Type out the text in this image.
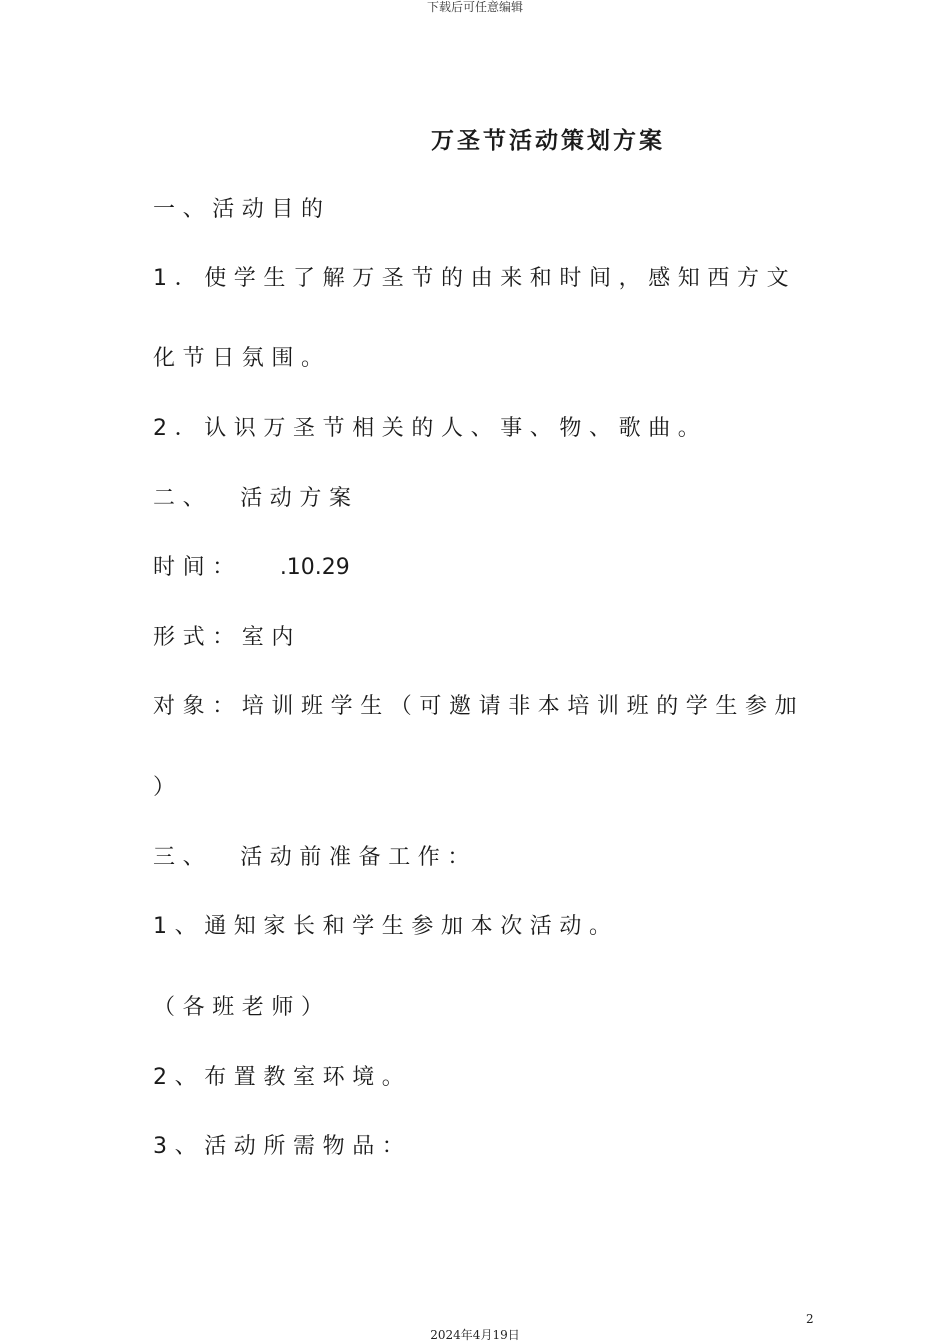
下载后可任意编辑
万圣节活动策划方案
一、活动目的
1．使学生了解万圣节的由来和时间，感知西方文
化节日氛围。
2．认识万圣节相关的人、事、物、歌曲。
二、 活动方案
时间： .10.29
形式：室内
对象：培训班学生（可邀请非本培训班的学生参加
）
三、 活动前准备工作：
1、通知家长和学生参加本次活动。
（各班老师）
2、布置教室环境。
3、活动所需物品：
2
2024年4月19日
